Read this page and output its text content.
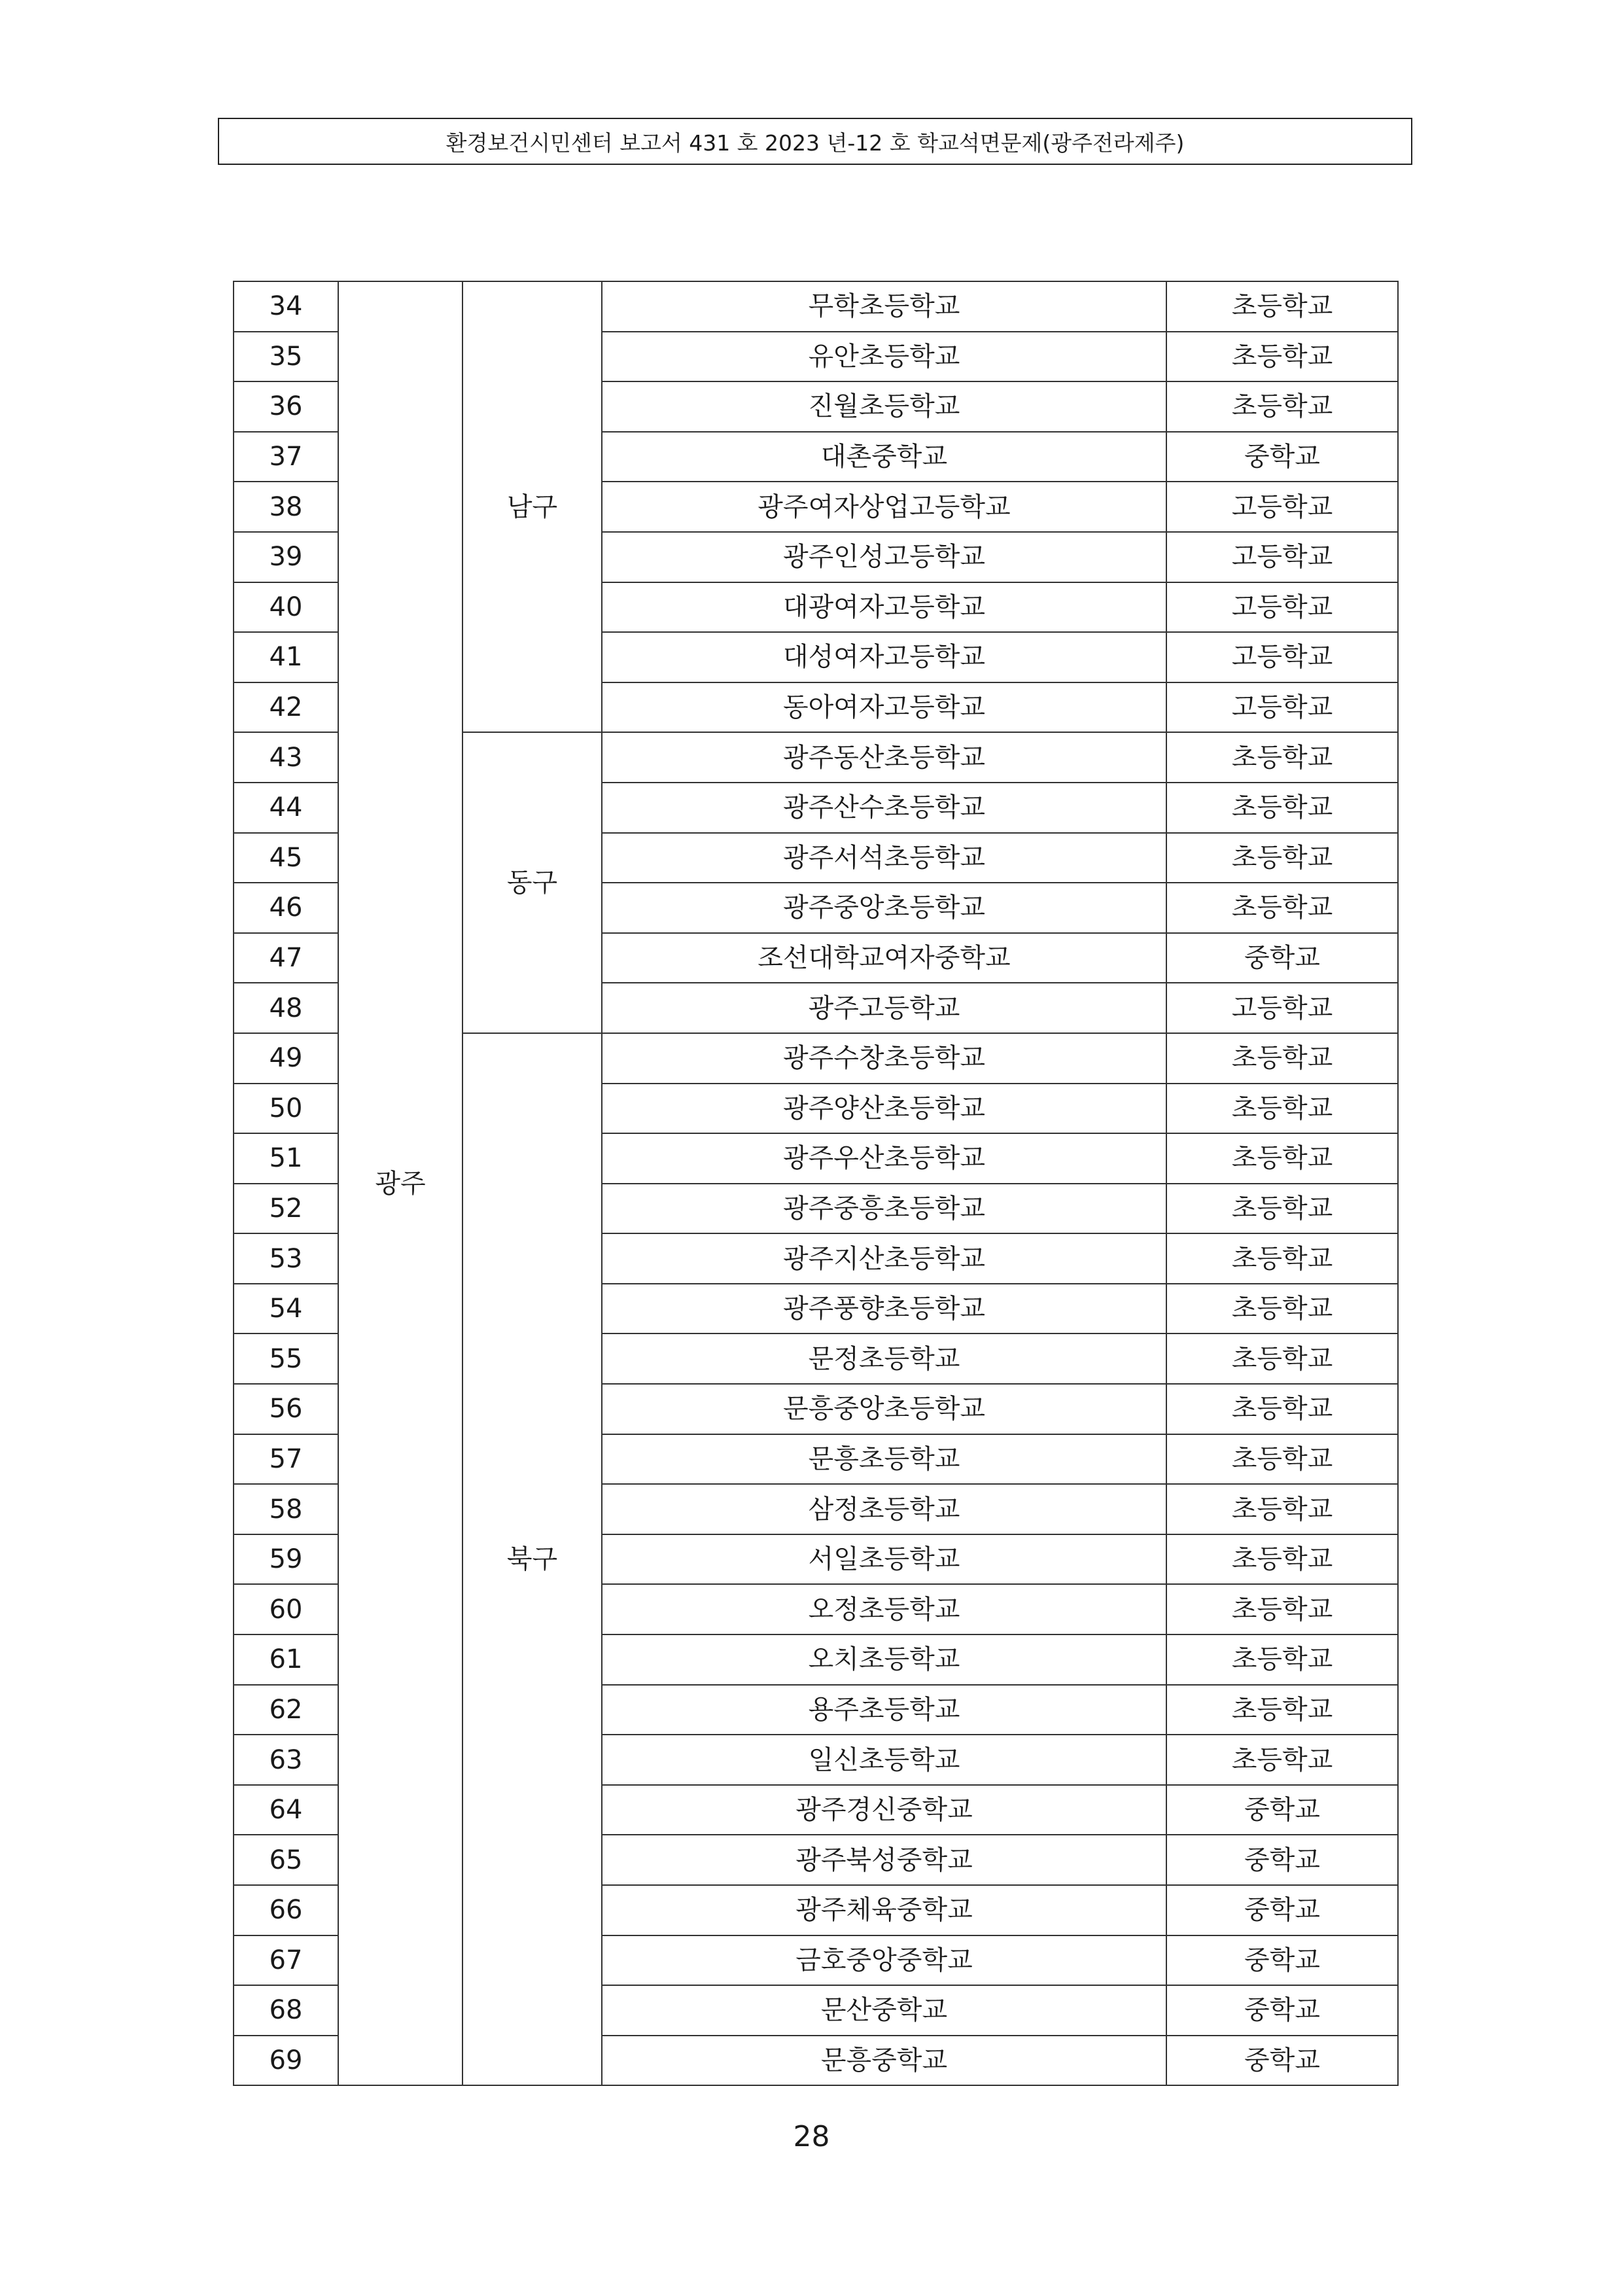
환경보건시민센터 보고서 431 호 2023 년-12 호 학교석면문제(광주전라제주)
34	광주	남구	무학초등학교	초등학교
35			유안초등학교	초등학교
36			진월초등학교	초등학교
37			대촌중학교	중학교
38			광주여자상업고등학교	고등학교
39			광주인성고등학교	고등학교
40			대광여자고등학교	고등학교
41			대성여자고등학교	고등학교
42			동아여자고등학교	고등학교
43		동구	광주동산초등학교	초등학교
44			광주산수초등학교	초등학교
45			광주서석초등학교	초등학교
46			광주중앙초등학교	초등학교
47			조선대학교여자중학교	중학교
48			광주고등학교	고등학교
49		북구	광주수창초등학교	초등학교
50			광주양산초등학교	초등학교
51			광주우산초등학교	초등학교
52			광주중흥초등학교	초등학교
53			광주지산초등학교	초등학교
54			광주풍향초등학교	초등학교
55			문정초등학교	초등학교
56			문흥중앙초등학교	초등학교
57			문흥초등학교	초등학교
58			삼정초등학교	초등학교
59			서일초등학교	초등학교
60			오정초등학교	초등학교
61			오치초등학교	초등학교
62			용주초등학교	초등학교
63			일신초등학교	초등학교
64			광주경신중학교	중학교
65			광주북성중학교	중학교
66			광주체육중학교	중학교
67			금호중앙중학교	중학교
68			문산중학교	중학교
69			문흥중학교	중학교
28
